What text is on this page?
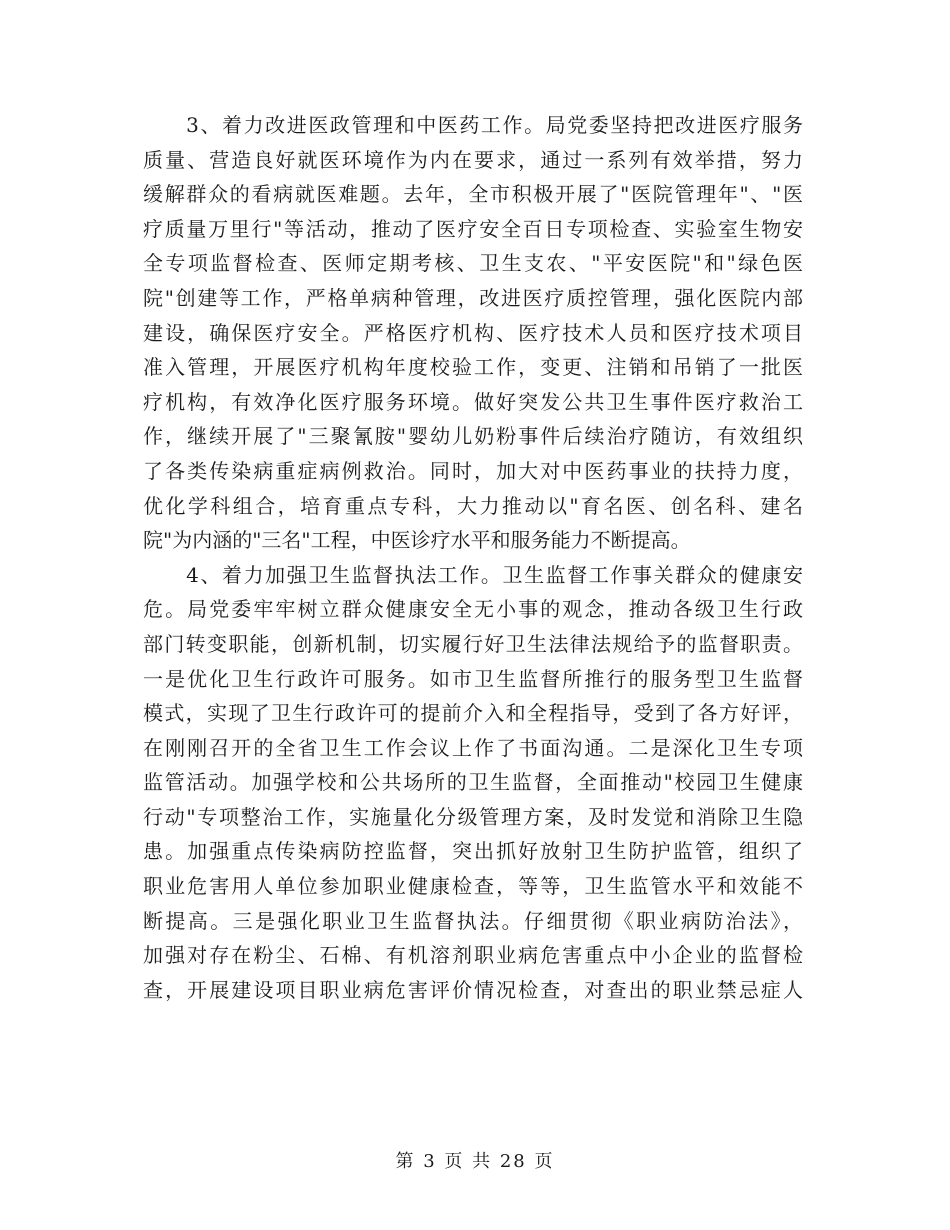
　　3、着力改进医政管理和中医药工作。局党委坚持把改进医疗服务
质量、营造良好就医环境作为内在要求，通过一系列有效举措，努力
缓解群众的看病就医难题。去年，全市积极开展了"医院管理年"、"医
疗质量万里行"等活动，推动了医疗安全百日专项检查、实验室生物安
全专项监督检查、医师定期考核、卫生支农、"平安医院"和"绿色医
院"创建等工作，严格单病种管理，改进医疗质控管理，强化医院内部
建设，确保医疗安全。严格医疗机构、医疗技术人员和医疗技术项目
准入管理，开展医疗机构年度校验工作，变更、注销和吊销了一批医
疗机构，有效净化医疗服务环境。做好突发公共卫生事件医疗救治工
作，继续开展了"三聚氰胺"婴幼儿奶粉事件后续治疗随访，有效组织
了各类传染病重症病例救治。同时，加大对中医药事业的扶持力度，
优化学科组合，培育重点专科，大力推动以"育名医、创名科、建名
院"为内涵的"三名"工程，中医诊疗水平和服务能力不断提高。
　　4、着力加强卫生监督执法工作。卫生监督工作事关群众的健康安
危。局党委牢牢树立群众健康安全无小事的观念，推动各级卫生行政
部门转变职能，创新机制，切实履行好卫生法律法规给予的监督职责。
一是优化卫生行政许可服务。如市卫生监督所推行的服务型卫生监督
模式，实现了卫生行政许可的提前介入和全程指导，受到了各方好评，
在刚刚召开的全省卫生工作会议上作了书面沟通。二是深化卫生专项
监管活动。加强学校和公共场所的卫生监督，全面推动"校园卫生健康
行动"专项整治工作，实施量化分级管理方案，及时发觉和消除卫生隐
患。加强重点传染病防控监督，突出抓好放射卫生防护监管，组织了
职业危害用人单位参加职业健康检查，等等，卫生监管水平和效能不
断提高。三是强化职业卫生监督执法。仔细贯彻《职业病防治法》，
加强对存在粉尘、石棉、有机溶剂职业病危害重点中小企业的监督检
查，开展建设项目职业病危害评价情况检查，对查出的职业禁忌症人
第 3 页 共 28 页
